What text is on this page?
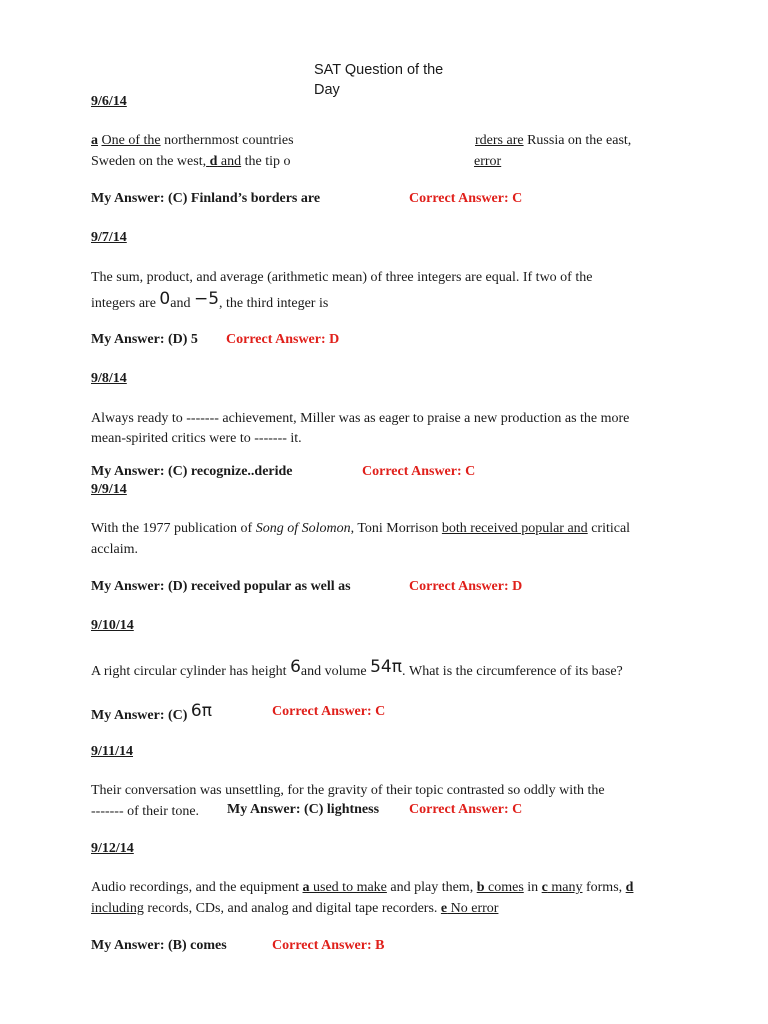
SAT Question of the
Day
9/6/14
a One of the northernmost countries	rders are Russia on the east,
Sweden on the west, d and the tip o	error
My Answer: (C) Finland’s borders are	Correct Answer: C
9/7/14
The sum, product, and average (arithmetic mean) of three integers are equal. If two of the
integers are 0and −5, the third integer is
My Answer: (D) 5 Correct Answer: D
9/8/14
Always ready to ------- achievement, Miller was as eager to praise a new production as the more
mean-spirited critics were to ------- it.
My Answer: (C) recognize..deride	Correct Answer: C
9/9/14
With the 1977 publication of Song of Solomon, Toni Morrison both received popular and critical
acclaim.
My Answer: (D) received popular as well as	Correct Answer: D
9/10/14
A right circular cylinder has height 6and volume 54π. What is the circumference of its base?
My Answer: (C) 6π	Correct Answer: C
9/11/14
Their conversation was unsettling, for the gravity of their topic contrasted so oddly with the
------- of their tone. My Answer: (C) lightness Correct Answer: C
9/12/14
Audio recordings, and the equipment a used to make and play them, b comes in c many forms, d
including records, CDs, and analog and digital tape recorders. e No error
My Answer: (B) comes	Correct Answer: B
